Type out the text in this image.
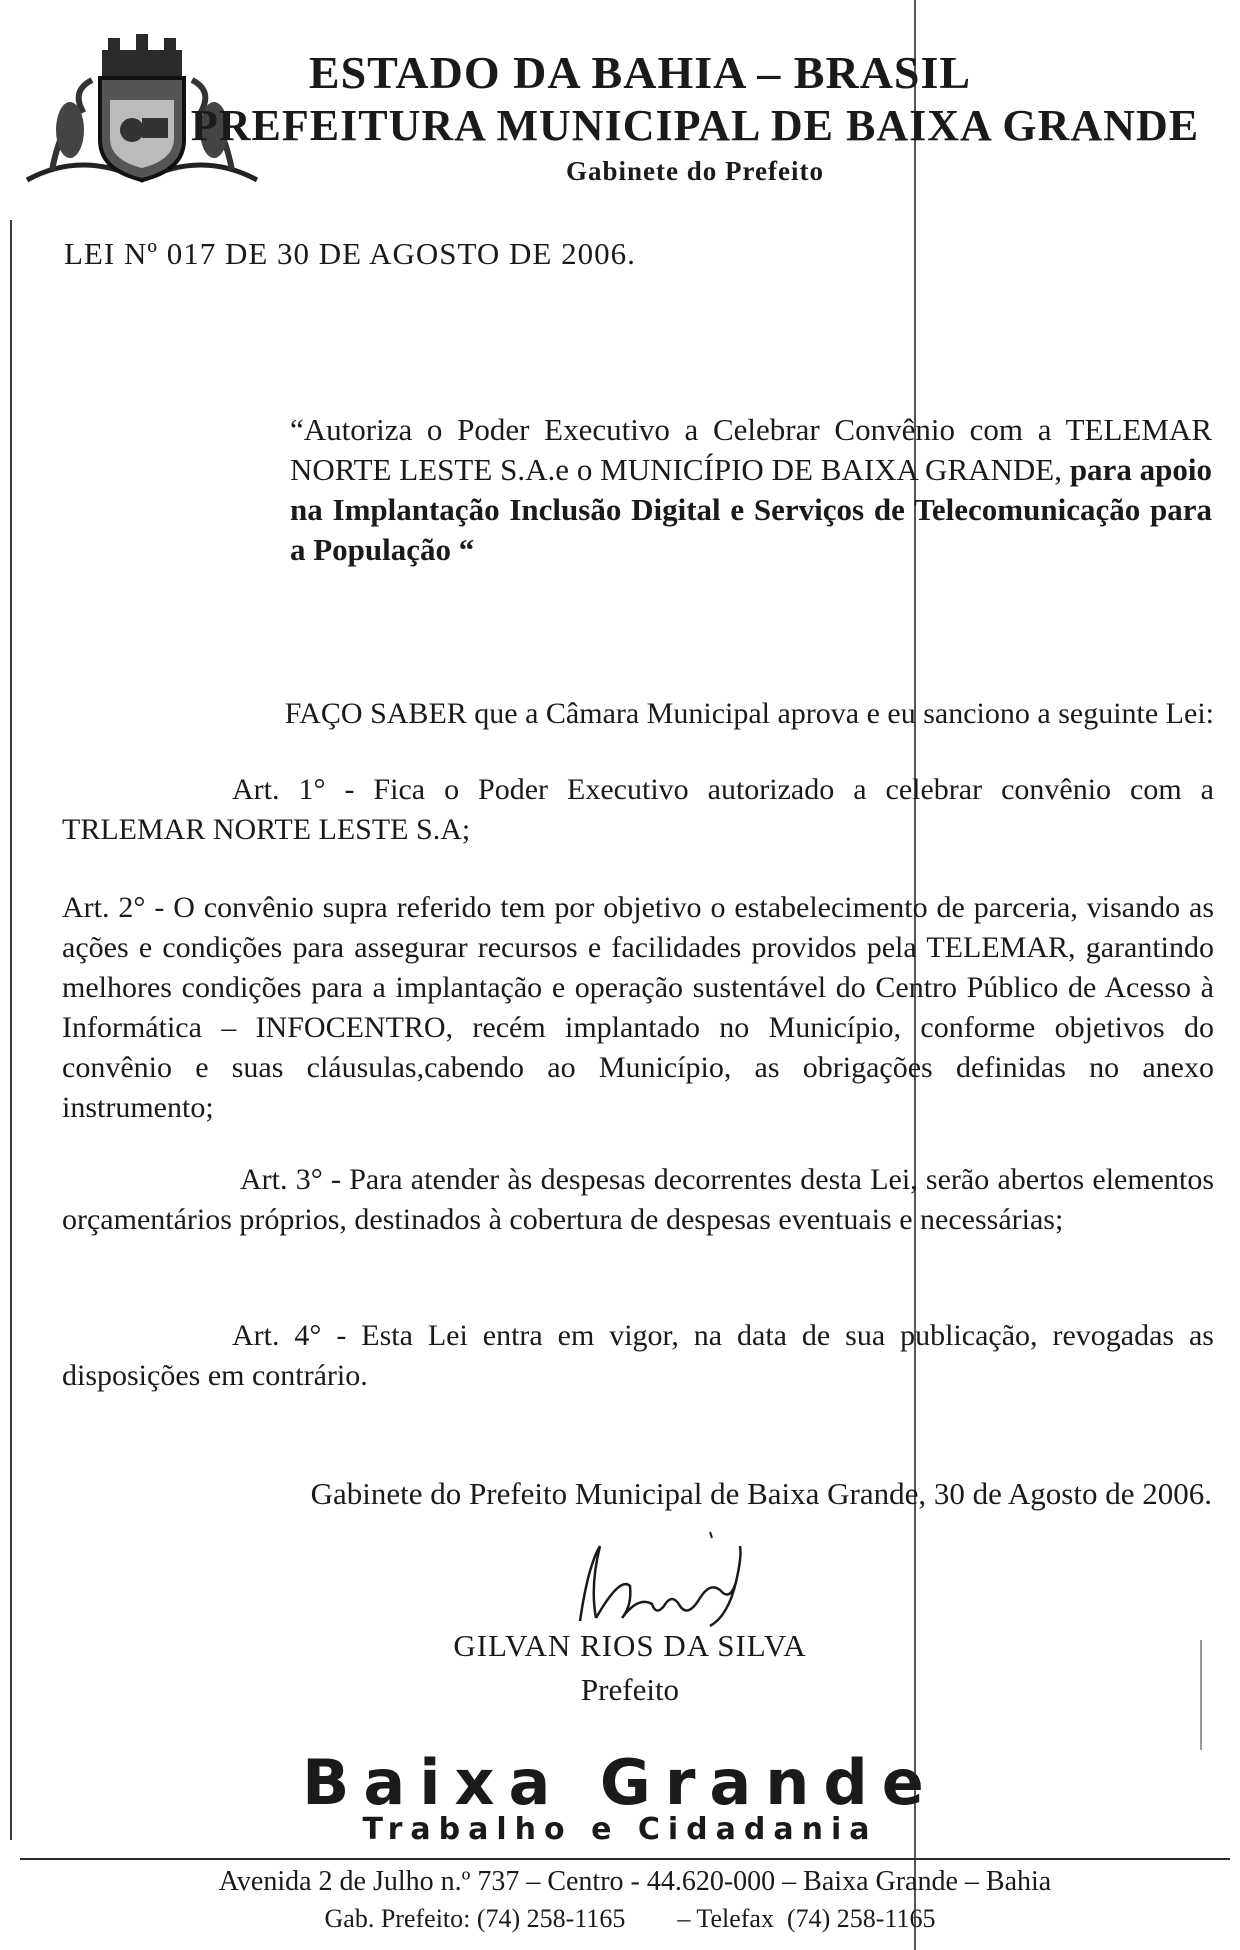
ESTADO DA BAHIA – BRASIL
PREFEITURA MUNICIPAL DE BAIXA GRANDE
Gabinete do Prefeito
LEI Nº 017 DE 30 DE AGOSTO DE 2006.
“Autoriza o Poder Executivo a Celebrar Convênio com a TELEMAR NORTE LESTE S.A.e o MUNICÍPIO DE BAIXA GRANDE, para apoio na Implantação Inclusão Digital e Serviços de Telecomunicação para a População “
FAÇO SABER que a Câmara Municipal aprova e eu sanciono a seguinte Lei:
Art. 1° - Fica o Poder Executivo autorizado a celebrar convênio com a TRLEMAR NORTE LESTE S.A;
Art. 2° - O convênio supra referido tem por objetivo o estabelecimento de parceria, visando as ações e condições para assegurar recursos e facilidades providos pela TELEMAR, garantindo melhores condições para a implantação e operação sustentável do Centro Público de Acesso à Informática – INFOCENTRO, recém implantado no Município, conforme objetivos do convênio e suas cláusulas,cabendo ao Município, as obrigações definidas no anexo instrumento;
Art. 3° - Para atender às despesas decorrentes desta Lei, serão abertos elementos orçamentários próprios, destinados à cobertura de despesas eventuais e necessárias;
Art. 4° - Esta Lei entra em vigor, na data de sua publicação, revogadas as disposições em contrário.
Gabinete do Prefeito Municipal de Baixa Grande, 30 de Agosto de 2006.
GILVAN RIOS DA SILVA
Prefeito
Baixa Grande
Trabalho e Cidadania
Avenida 2 de Julho n.º 737 – Centro - 44.620-000 – Baixa Grande – Bahia
Gab. Prefeito: (74) 258-1165        – Telefax  (74) 258-1165
